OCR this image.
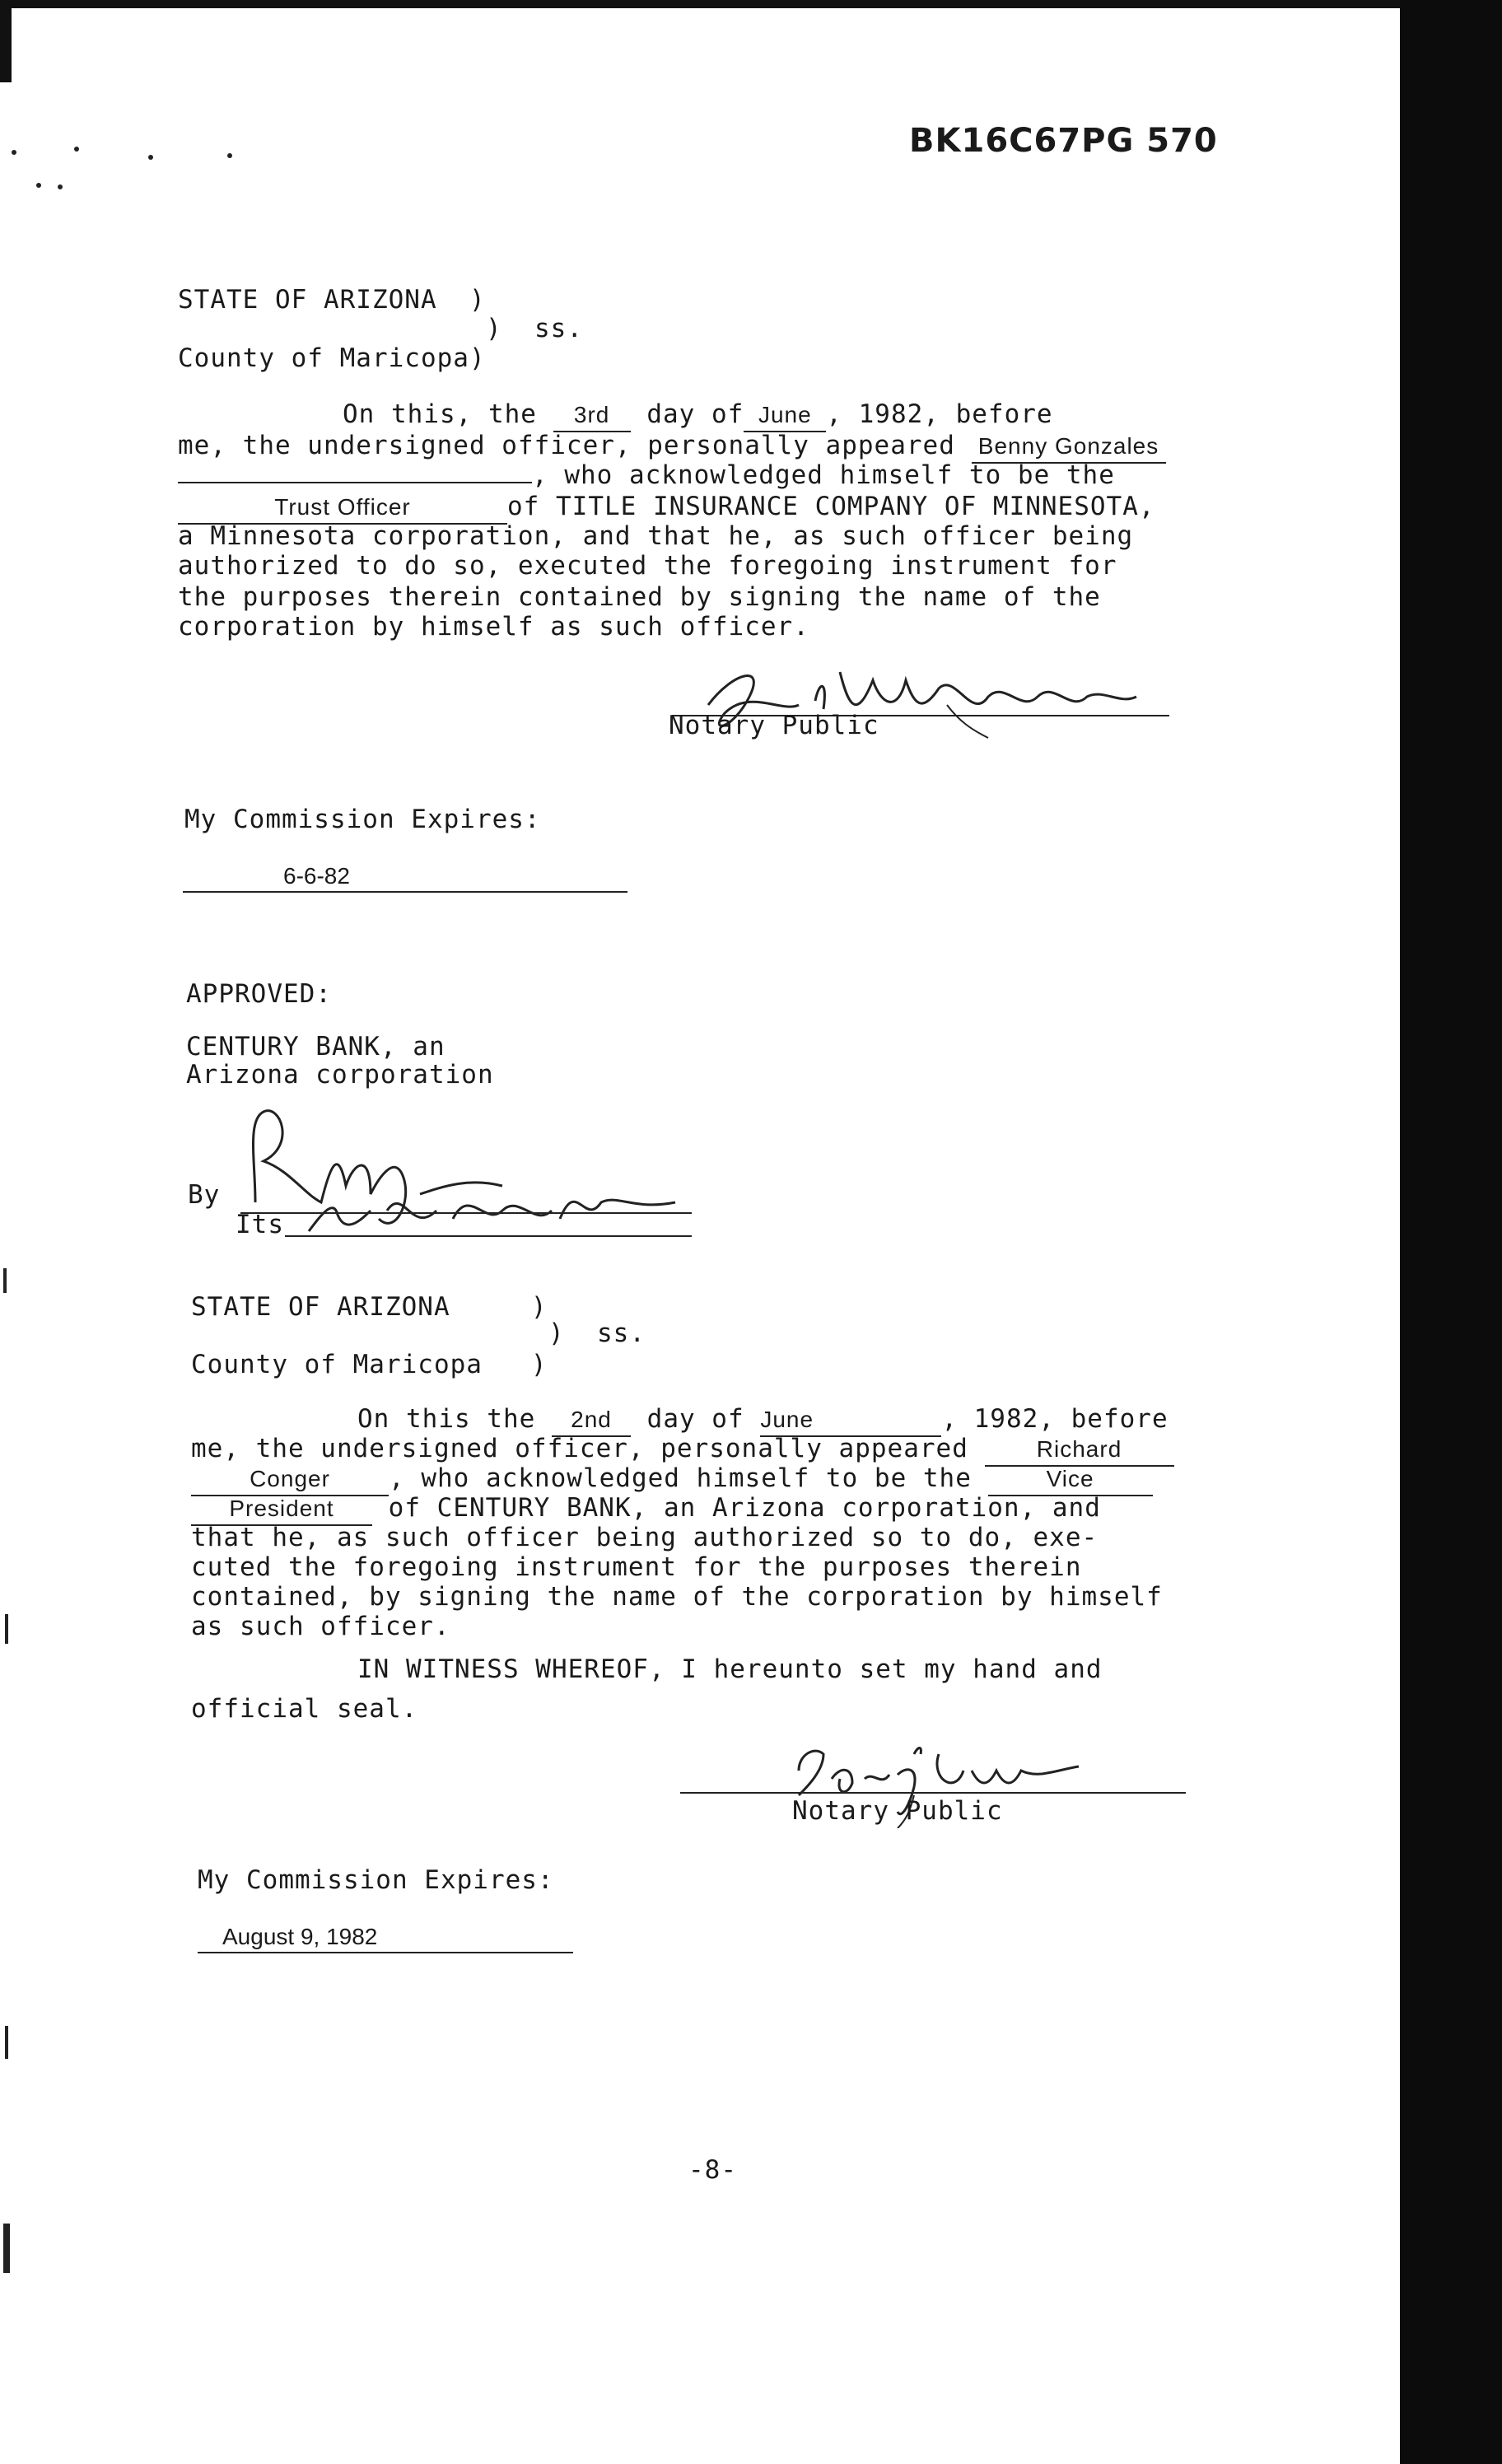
BK16C67PG 570
STATE OF ARIZONA  )
)  ss.
County of Maricopa)
On this, the 3rd day of June , 1982, before
me, the undersigned officer, personally appeared Benny Gonzales
, who acknowledged himself to be the
Trust Officer	of TITLE INSURANCE COMPANY OF MINNESOTA,
a Minnesota corporation, and that he, as such officer being
authorized to do so, executed the foregoing instrument for
the purposes therein contained by signing the name of the
corporation by himself as such officer.
Notary Public
My Commission Expires:
6-6-82
APPROVED:
CENTURY BANK, an
Arizona corporation
By
Its
STATE OF ARIZONA     )
)  ss.
County of Maricopa   )
On this the 2nd day of June	, 1982, before
me, the undersigned officer, personally appeared	Richard
Conger , who acknowledged himself to be the	Vice
President of CENTURY BANK, an Arizona corporation, and
that he, as such officer being authorized so to do, exe-
cuted the foregoing instrument for the purposes therein
contained, by signing the name of the corporation by himself
as such officer.
IN WITNESS WHEREOF, I hereunto set my hand and
official seal.
Notary Public
My Commission Expires:
August 9, 1982
-8-
